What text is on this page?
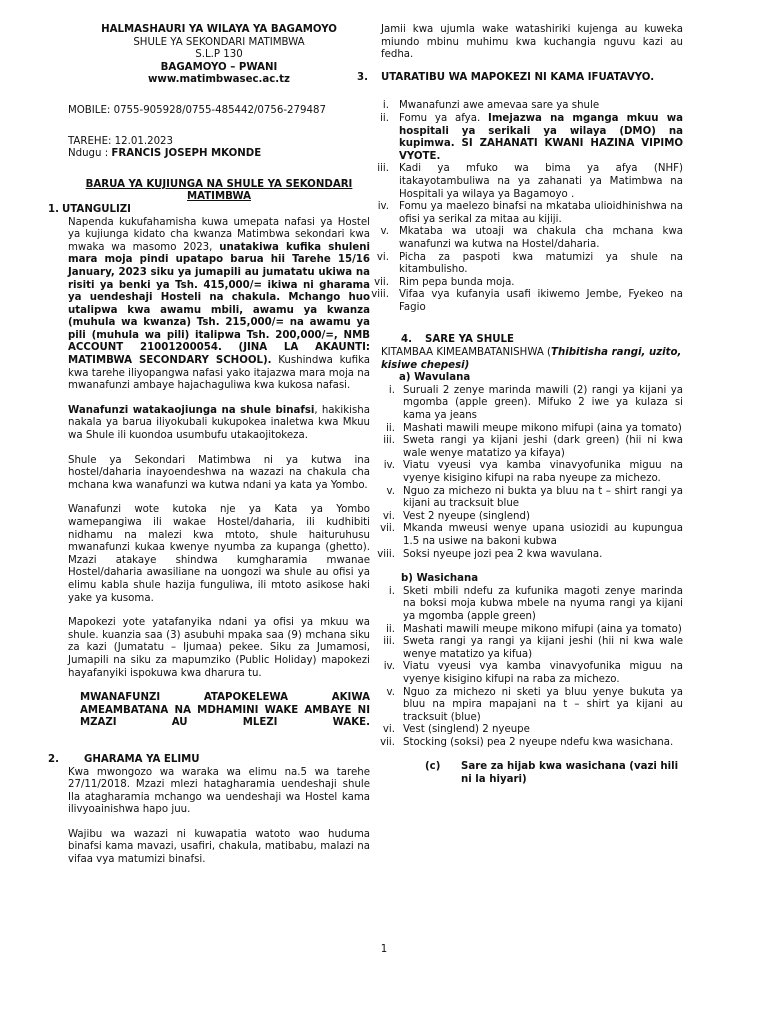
HALMASHAURI YA WILAYA YA BAGAMOYO
SHULE YA SEKONDARI MATIMBWA
S.L.P 130
BAGAMOYO – PWANI
www.matimbwasec.ac.tz
MOBILE: 0755-905928/0755-485442/0756-279487
TAREHE: 12.01.2023
Ndugu : FRANCIS JOSEPH MKONDE
BARUA YA KUJIUNGA NA SHULE YA SEKONDARI
MATIMBWA
1. UTANGULIZI

Napenda kukufahamisha kuwa umepata nafasi ya Hostel ya kujiunga kidato cha kwanza Matimbwa sekondari kwa mwaka wa masomo 2023, unatakiwa kufika shuleni mara moja pindi upatapo barua hii Tarehe 15/16 January, 2023 siku ya jumapili au jumatatu ukiwa na risiti ya benki ya Tsh. 415,000/= ikiwa ni gharama ya uendeshaji Hosteli na chakula. Mchango huo utalipwa kwa awamu mbili, awamu ya kwanza (muhula wa kwanza) Tsh. 215,000/= na awamu ya pili (muhula wa pili) italipwa Tsh. 200,000/=, NMB ACCOUNT 21001200054. (JINA LA AKAUNTI: MATIMBWA SECONDARY SCHOOL). Kushindwa kufika kwa tarehe iliyopangwa nafasi yako itajazwa mara moja na mwanafunzi ambaye hajachaguliwa kwa kukosa nafasi.

Wanafunzi watakaojiunga na shule binafsi, hakikisha nakala ya barua iliyokubali kukupokea inaletwa kwa Mkuu wa Shule ili kuondoa usumbufu utakaojitokeza.

Shule ya Sekondari Matimbwa ni ya kutwa ina hostel/daharia inayoendeshwa na wazazi na chakula cha mchana kwa wanafunzi wa kutwa ndani ya kata ya Yombo.

Wanafunzi wote kutoka nje ya Kata ya Yombo wamepangiwa ili wakae Hostel/daharia, ili kudhibiti nidhamu na malezi kwa mtoto, shule haituruhusu mwanafunzi kukaa kwenye nyumba za kupanga (ghetto). Mzazi atakaye shindwa kumgharamia mwanae Hostel/daharia awasiliane na uongozi wa shule au ofisi ya elimu kabla shule hazija funguliwa, ili mtoto asikose haki yake ya kusoma.

Mapokezi yote yatafanyika ndani ya ofisi ya mkuu wa shule. kuanzia saa (3) asubuhi mpaka saa (9) mchana siku za kazi (Jumatatu – Ijumaa) pekee. Siku za Jumamosi, Jumapili na siku za mapumziko (Public Holiday) mapokezi hayafanyiki ispokuwa kwa dharura tu.

MWANAFUNZI ATAPOKELEWA AKIWA AMEAMBATANA NA MDHAMINI WAKE AMBAYE NI MZAZI AU MLEZI WAKE.

2.	GHARAMA YA ELIMU

Kwa mwongozo wa waraka wa elimu na.5 wa tarehe 27/11/2018. Mzazi mlezi hatagharamia uendeshaji shule Ila atagharamia mchango wa uendeshaji wa Hostel kama ilivyoainishwa hapo juu.

Wajibu wa wazazi ni kuwapatia watoto wao huduma binafsi kama mavazi, usafiri, chakula, matibabu, malazi na vifaa vya matumizi binafsi.

Jamii kwa ujumla wake watashiriki kujenga au kuweka miundo mbinu muhimu kwa kuchangia nguvu kazi au fedha.

3.	UTARATIBU WA MAPOKEZI NI KAMA IFUATAVYO.
i. Mwanafunzi awe amevaa sare ya shule
ii. Fomu ya afya. Imejazwa na mganga mkuu wa hospitali ya serikali ya wilaya (DMO) na kupimwa. SI ZAHANATI KWANI HAZINA VIPIMO VYOTE.
iii. Kadi ya mfuko wa bima ya afya (NHF) itakayotambuliwa na ya zahanati ya Matimbwa na Hospitali ya wilaya ya Bagamoyo .
iv. Fomu ya maelezo binafsi na mkataba ulioidhinishwa na ofisi ya serikal za mitaa au kijiji.
v. Mkataba wa utoaji wa chakula cha mchana kwa wanafunzi wa kutwa na Hostel/daharia.
vi. Picha za paspoti kwa matumizi ya shule na kitambulisho.
vii. Rim pepa bunda moja.
viii. Vifaa vya kufanyia usafi ikiwemo Jembe, Fyekeo na Fagio
4.	SARE YA SHULE

KITAMBAA KIMEAMBATANISHWA (Thibitisha rangi, uzito, kisiwe chepesi)

a) Wavulana
i. Suruali 2 zenye marinda mawili (2) rangi ya kijani ya mgomba (apple green). Mifuko 2 iwe ya kulaza si kama ya jeans
ii. Mashati mawili meupe mikono mifupi (aina ya tomato)
iii. Sweta rangi ya kijani jeshi (dark green) (hii ni kwa wale wenye matatizo ya kifaya)
iv. Viatu vyeusi vya kamba vinavyofunika miguu na vyenye kisigino kifupi na raba nyeupe za michezo.
v. Nguo za michezo ni bukta ya bluu na t – shirt rangi ya kijani au tracksuit blue
vi. Vest 2 nyeupe (singlend)
vii. Mkanda mweusi wenye upana usiozidi au kupungua 1.5 na usiwe na bakoni kubwa
viii. Soksi nyeupe jozi pea 2 kwa wavulana.
b) Wasichana
i. Sketi mbili ndefu za kufunika magoti zenye marinda na boksi moja kubwa mbele na nyuma rangi ya kijani ya mgomba (apple green)
ii. Mashati mawili meupe mikono mifupi (aina ya tomato)
iii. Sweta rangi ya rangi ya kijani jeshi (hii ni kwa wale wenye matatizo ya kifua)
iv. Viatu vyeusi vya kamba vinavyofunika miguu na vyenye kisigino kifupi na raba za michezo.
v. Nguo za michezo ni sketi ya bluu yenye bukuta ya bluu na mpira mapajani na t – shirt ya kijani au tracksuit (blue)
vi. Vest (singlend) 2 nyeupe
vii. Stocking (soksi) pea 2 nyeupe ndefu kwa wasichana.
(c)	Sare za hijab kwa wasichana (vazi hili ni la hiyari)
1
